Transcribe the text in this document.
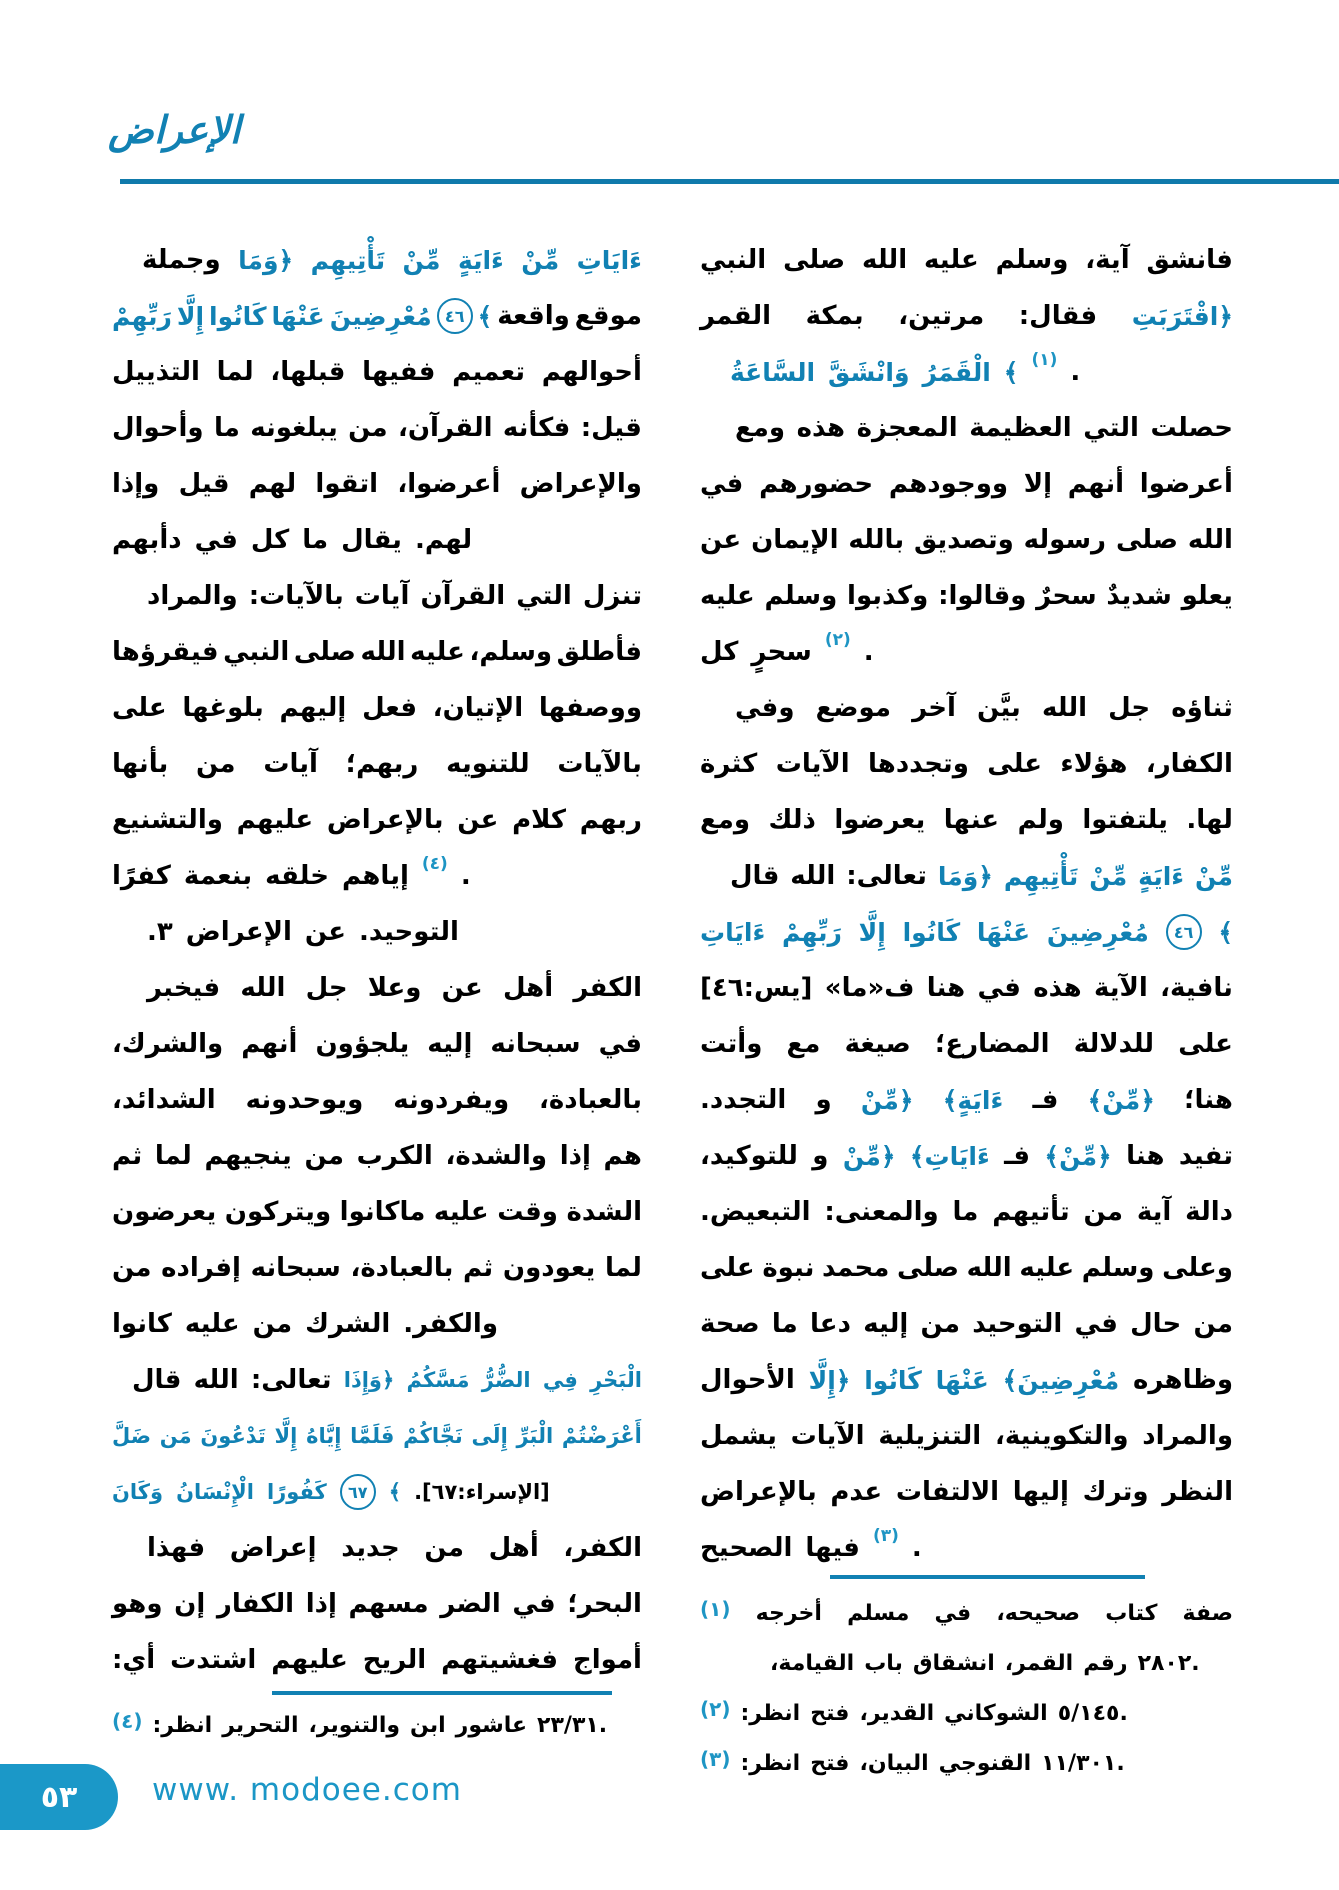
الإعراض
النبي صلى الله عليه وسلم آية، فانشق
القمر بمكة مرتين، فقال: ﴿اقْتَرَبَتِ
السَّاعَةُ وَانْشَقَّ الْقَمَرُ ﴾ (١) .
ومع هذه المعجزة العظيمة التي حصلت
في حضورهم ووجودهم إلا أنهم أعرضوا
عن الإيمان بالله وتصديق رسوله صلى الله
عليه وسلم وكذبوا وقالوا: سحرٌ شديدٌ يعلو
كل سحرٍ (٢) .
وفي موضع آخر بيَّن الله جل ثناؤه
كثرة الآيات وتجددها على هؤلاء الكفار،
ومع ذلك يعرضوا عنها ولم يلتفتوا لها.
قال الله تعالى: ﴿وَمَا تَأْتِيهِم مِّنْ ءَايَةٍ مِّنْ
ءَايَاتِ رَبِّهِمْ إِلَّا كَانُوا عَنْهَا مُعْرِضِينَ	٤٦ ﴾
[يس:٤٦] ف«ما» هنا في هذه الآية نافية،
وأتت مع صيغة المضارع؛ للدلالة على
التجدد. و ﴿مِّنْ ءَايَةٍ﴾ فـ ﴿مِّنْ﴾ هنا؛
للتوكيد، و ﴿مِّنْ ءَايَاتِ﴾ فـ ﴿مِّنْ﴾ هنا تفيد
التبعيض. والمعنى: ما تأتيهم من آية دالة
على نبوة محمد صلى الله عليه وسلم وعلى
صحة ما دعا إليه من التوحيد في حال من
الأحوال ﴿إِلَّا كَانُوا عَنْهَا مُعْرِضِينَ﴾ وظاهره
يشمل الآيات التنزيلية والتكوينية، والمراد
بالإعراض عدم الالتفات إليها وترك النظر
الصحيح فيها (٣) .
وجملة ﴿وَمَا تَأْتِيهِم مِّنْ ءَايَةٍ مِّنْ ءَايَاتِ
رَبِّهِمْ إِلَّا كَانُوا عَنْهَا مُعْرِضِينَ ٤٦ ﴾ واقعة موقع
التذييل لما قبلها، ففيها تعميم أحوالهم
وأحوال ما يبلغونه من القرآن، فكأنه قيل:
وإذا قيل لهم اتقوا أعرضوا، والإعراض
دأبهم في كل ما يقال لهم.
والمراد بالآيات: آيات القرآن التي تنزل
فيقرؤها النبي صلى الله عليه وسلم، فأطلق
على بلوغها إليهم فعل الإتيان، ووصفها
بأنها من آيات ربهم؛ للتنويه بالآيات
والتشنيع عليهم بالإعراض عن كلام ربهم
كفرًا بنعمة خلقه إياهم (٤) .
٣. الإعراض عن التوحيد.
فيخبر الله جل وعلا عن أهل الكفر
والشرك، أنهم يلجؤون إليه سبحانه في
الشدائد، ويوحدونه ويفردونه بالعبادة،
ثم لما ينجيهم من الكرب والشدة، إذا هم
يعرضون ويتركون ماكانوا عليه وقت الشدة
من إفراده سبحانه بالعبادة، ثم يعودون لما
كانوا عليه من الشرك والكفر.
قال الله تعالى: ﴿وَإِذَا مَسَّكُمُ الضُّرُّ فِي الْبَحْرِ
ضَلَّ مَن تَدْعُونَ إِلَّا إِيَّاهُ فَلَمَّا نَجَّاكُمْ إِلَى الْبَرِّ أَعْرَضْتُمْ
وَكَانَ الْإِنْسَانُ كَفُورًا	٦٧	﴾ [الإسراء:٦٧].
فهذا إعراض جديد من أهل الكفر،
وهو إن الكفار إذا مسهم الضر في البحر؛
أي: اشتدت عليهم الريح فغشيتهم أمواج
(١) أخرجه مسلم في صحيحه، كتاب صفة
القيامة، باب انشقاق القمر، رقم ٢٨٠٢.
(٢) انظر: فتح القدير، الشوكاني ٥/١٤٥.
(٣) انظر: فتح البيان، القنوجي ١١/٣٠١.
(٤) انظر: التحرير والتنوير، ابن عاشور ٢٣/٣١.
٥٣	www. modoee.com
